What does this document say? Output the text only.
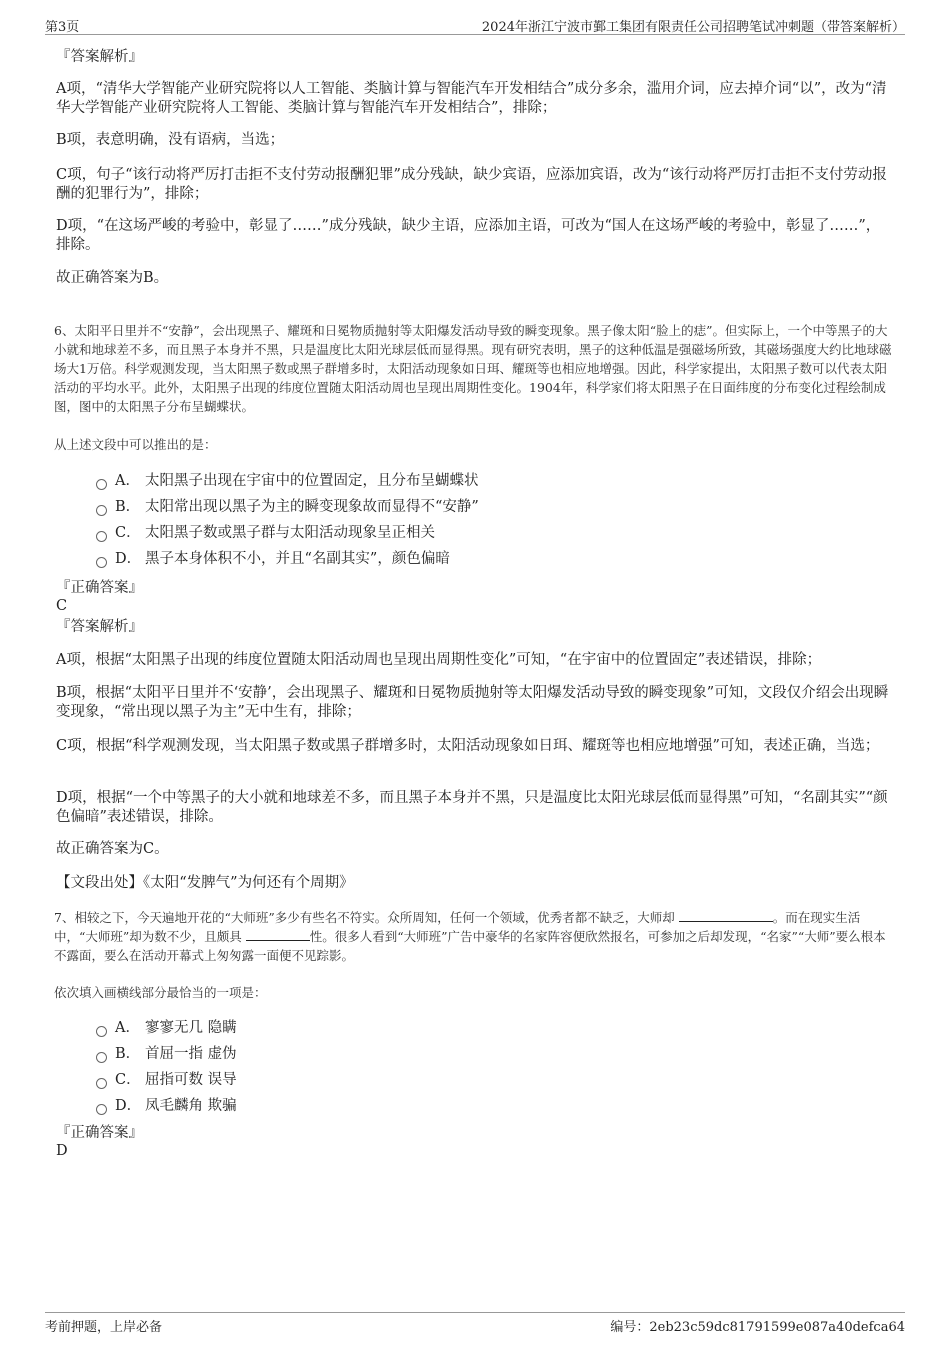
第3页	2024年浙江宁波市鄞工集团有限责任公司招聘笔试冲刺题（带答案解析）
『答案解析』
A项，“清华大学智能产业研究院将以人工智能、类脑计算与智能汽车开发相结合”成分多余，滥用介词，应去掉介词“以”，改为“清华大学智能产业研究院将人工智能、类脑计算与智能汽车开发相结合”，排除；
B项，表意明确，没有语病，当选；
C项，句子“该行动将严厉打击拒不支付劳动报酬犯罪”成分残缺，缺少宾语，应添加宾语，改为“该行动将严厉打击拒不支付劳动报酬的犯罪行为”，排除；
D项，“在这场严峻的考验中，彰显了……”成分残缺，缺少主语，应添加主语，可改为“国人在这场严峻的考验中，彰显了……”，排除。
故正确答案为B。
6、太阳平日里并不“安静”，会出现黑子、耀斑和日冕物质抛射等太阳爆发活动导致的瞬变现象。黑子像太阳“脸上的痣”。但实际上，一个中等黑子的大小就和地球差不多，而且黑子本身并不黑，只是温度比太阳光球层低而显得黑。现有研究表明，黑子的这种低温是强磁场所致，其磁场强度大约比地球磁场大1万倍。科学观测发现，当太阳黑子数或黑子群增多时，太阳活动现象如日珥、耀斑等也相应地增强。因此，科学家提出，太阳黑子数可以代表太阳活动的平均水平。此外，太阳黑子出现的纬度位置随太阳活动周也呈现出周期性变化。1904年，科学家们将太阳黑子在日面纬度的分布变化过程绘制成图，图中的太阳黑子分布呈蝴蝶状。
从上述文段中可以推出的是：
A． 太阳黑子出现在宇宙中的位置固定，且分布呈蝴蝶状
B． 太阳常出现以黑子为主的瞬变现象故而显得不“安静”
C． 太阳黑子数或黑子群与太阳活动现象呈正相关
D． 黑子本身体积不小，并且“名副其实”，颜色偏暗
『正确答案』
C
『答案解析』
A项，根据“太阳黑子出现的纬度位置随太阳活动周也呈现出周期性变化”可知，“在宇宙中的位置固定”表述错误，排除；
B项，根据“太阳平日里并不‘安静’，会出现黑子、耀斑和日冕物质抛射等太阳爆发活动导致的瞬变现象”可知，文段仅介绍会出现瞬变现象，“常出现以黑子为主”无中生有，排除；
C项，根据“科学观测发现，当太阳黑子数或黑子群增多时，太阳活动现象如日珥、耀斑等也相应地增强”可知，表述正确，当选；
D项，根据“一个中等黑子的大小就和地球差不多，而且黑子本身并不黑，只是温度比太阳光球层低而显得黑”可知，“名副其实”“颜色偏暗”表述错误，排除。
故正确答案为C。
【文段出处】《太阳“发脾气”为何还有个周期》
7、相较之下，今天遍地开花的“大师班”多少有些名不符实。众所周知，任何一个领域，优秀者都不缺乏，大师却	。而在现实生活中，“大师班”却为数不少，且颇具	性。很多人看到“大师班”广告中豪华的名家阵容便欣然报名，可参加之后却发现，“名家”“大师”要么根本不露面，要么在活动开幕式上匆匆露一面便不见踪影。
依次填入画横线部分最恰当的一项是：
A． 寥寥无几 隐瞒
B． 首屈一指 虚伪
C． 屈指可数 误导
D． 凤毛麟角 欺骗
『正确答案』
D
考前押题，上岸必备	编号：2eb23c59dc81791599e087a40defca64
